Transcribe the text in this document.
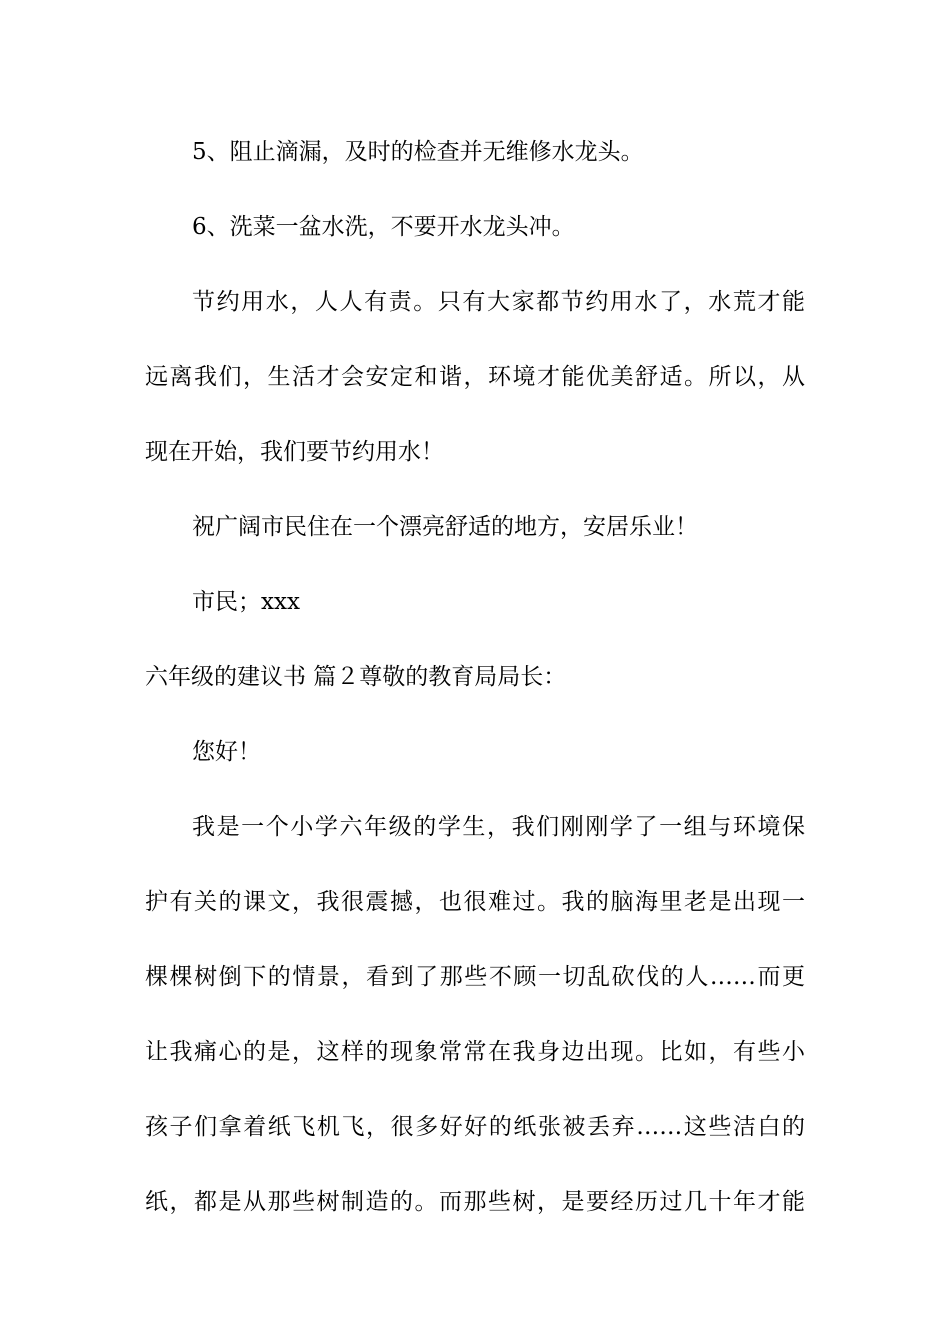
5、阻止滴漏，及时的检查并无维修水龙头。
6、洗菜一盆水洗，不要开水龙头冲。
节约用水，人人有责。只有大家都节约用水了，水荒才能
远离我们，生活才会安定和谐，环境才能优美舒适。所以，从
现在开始，我们要节约用水！
祝广阔市民住在一个漂亮舒适的地方，安居乐业！
市民；xxx
六年级的建议书 篇２尊敬的教育局局长：
您好！
我是一个小学六年级的学生，我们刚刚学了一组与环境保
护有关的课文，我很震撼，也很难过。我的脑海里老是出现一
棵棵树倒下的情景，看到了那些不顾一切乱砍伐的人……而更
让我痛心的是，这样的现象常常在我身边出现。比如，有些小
孩子们拿着纸飞机飞，很多好好的纸张被丢弃……这些洁白的
纸，都是从那些树制造的。而那些树，是要经历过几十年才能
